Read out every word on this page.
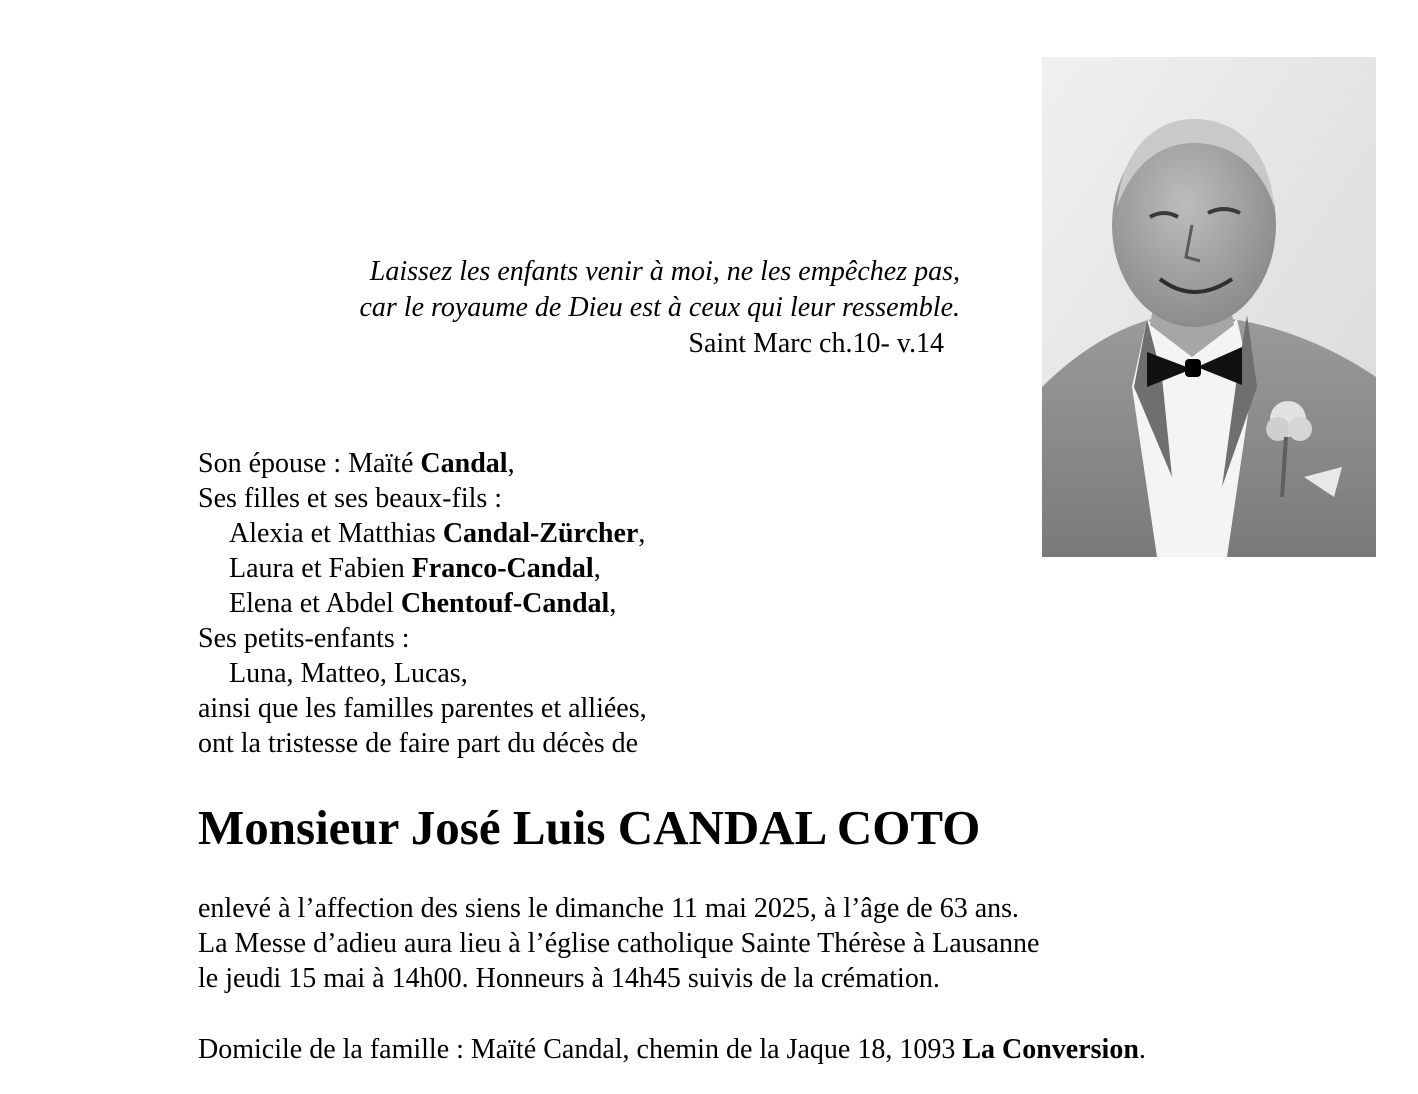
Laissez les enfants venir à moi, ne les empêchez pas,
car le royaume de Dieu est à ceux qui leur ressemble.
Saint Marc ch.10- v.14
Son épouse : Maïté Candal,
Ses filles et ses beaux-fils :
Alexia et Matthias Candal-Zürcher,
Laura et Fabien Franco-Candal,
Elena et Abdel Chentouf-Candal,
Ses petits-enfants :
Luna, Matteo, Lucas,
ainsi que les familles parentes et alliées,
ont la tristesse de faire part du décès de
Monsieur José Luis CANDAL COTO
enlevé à l’affection des siens le dimanche 11 mai 2025, à l’âge de 63 ans.
La Messe d’adieu aura lieu à l’église catholique Sainte Thérèse à Lausanne
le jeudi 15 mai à 14h00. Honneurs à 14h45 suivis de la crémation.
Domicile de la famille : Maïté Candal, chemin de la Jaque 18, 1093 La Conversion.
